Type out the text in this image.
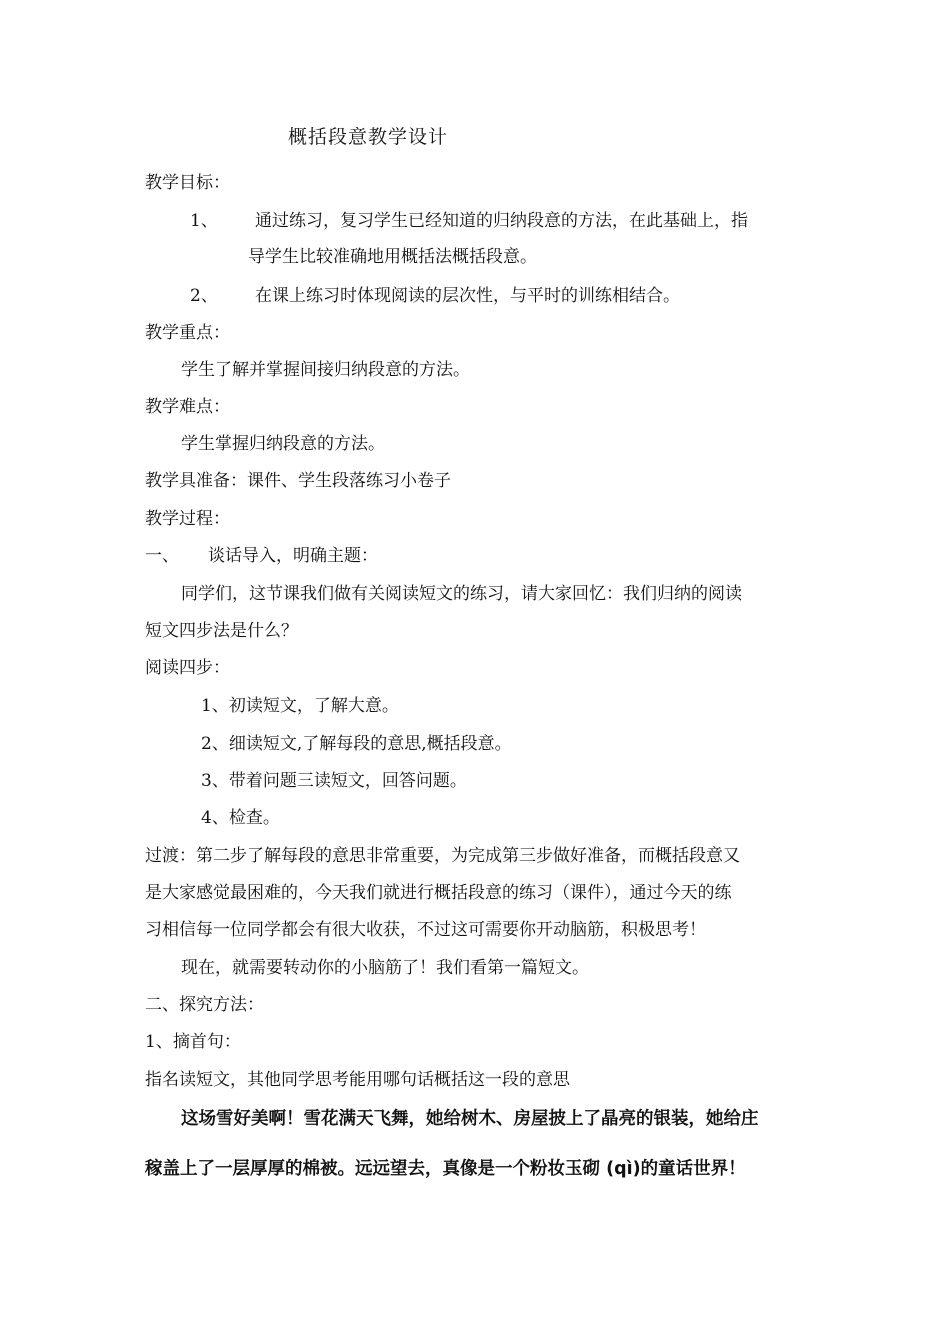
概括段意教学设计
教学目标：
1、 通过练习，复习学生已经知道的归纳段意的方法，在此基础上，指
导学生比较准确地用概括法概括段意。
2、 在课上练习时体现阅读的层次性，与平时的训练相结合。
教学重点：
学生了解并掌握间接归纳段意的方法。
教学难点：
学生掌握归纳段意的方法。
教学具准备：课件、学生段落练习小卷子
教学过程：
一、 谈话导入，明确主题：
同学们，这节课我们做有关阅读短文的练习，请大家回忆：我们归纳的阅读
短文四步法是什么？
阅读四步：
1、初读短文，了解大意。
2、细读短文,了解每段的意思,概括段意。
3、带着问题三读短文，回答问题。
4、检查。
过渡：第二步了解每段的意思非常重要，为完成第三步做好准备，而概括段意又
是大家感觉最困难的，今天我们就进行概括段意的练习（课件），通过今天的练
习相信每一位同学都会有很大收获，不过这可需要你开动脑筋，积极思考！
现在，就需要转动你的小脑筋了！我们看第一篇短文。
二、探究方法：
1、摘首句：
指名读短文，其他同学思考能用哪句话概括这一段的意思
这场雪好美啊！雪花满天飞舞，她给树木、房屋披上了晶亮的银装，她给庄
稼盖上了一层厚厚的棉被。远远望去，真像是一个粉妆玉砌 (qì)的童话世界！
